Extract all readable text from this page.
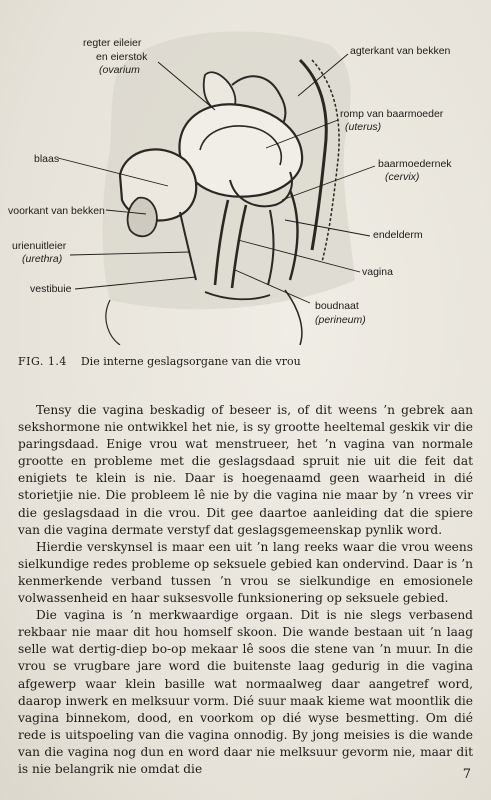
regter eileier
en eierstok
(ovarium
agterkant van bekken
romp van baarmoeder
(uterus)
blaas	baarmoedernek
(cervix)
voorkant van bekken
endelderm
urienuitleier
(urethra)
vagina
vestibuie
boudnaat
(perineum)
FIG. 1.4 Die interne geslagsorgane van die vrou

Tensy die vagina beskadig of beseer is, of dit weens ’n gebrek aan sekshormone nie ontwikkel het nie, is sy grootte heeltemal geskik vir die paringsdaad. Enige vrou wat menstrueer, het ’n vagina van normale grootte en probleme met die geslagsdaad spruit nie uit die feit dat enigiets te klein is nie. Daar is hoegenaamd geen waarheid in dié storietjie nie. Die probleem lê nie by die vagina nie maar by ’n vrees vir die geslagsdaad in die vrou. Dit gee daartoe aanleiding dat die spiere van die vagina dermate verstyf dat geslagsgemeenskap pynlik word.

Hierdie verskynsel is maar een uit ’n lang reeks waar die vrou weens sielkundige redes probleme op seksuele gebied kan ondervind. Daar is ’n kenmerkende verband tussen ’n vrou se sielkundige en emosionele volwassenheid en haar suksesvolle funksionering op seksuele gebied.

Die vagina is ’n merkwaardige orgaan. Dit is nie slegs verbasend rekbaar nie maar dit hou homself skoon. Die wande bestaan uit ’n laag selle wat dertig-diep bo-op mekaar lê soos die stene van ’n muur. In die vrou se vrugbare jare word die buitenste laag gedurig in die vagina afgewerp waar klein basille wat normaalweg daar aangetref word, daarop inwerk en melksuur vorm. Dié suur maak kieme wat moontlik die vagina binnekom, dood, en voorkom op dié wyse besmetting. Om dié rede is uitspoeling van die vagina onnodig. By jong meisies is die wande van die vagina nog dun en word daar nie melksuur gevorm nie, maar dit is nie belangrik nie omdat die	7
